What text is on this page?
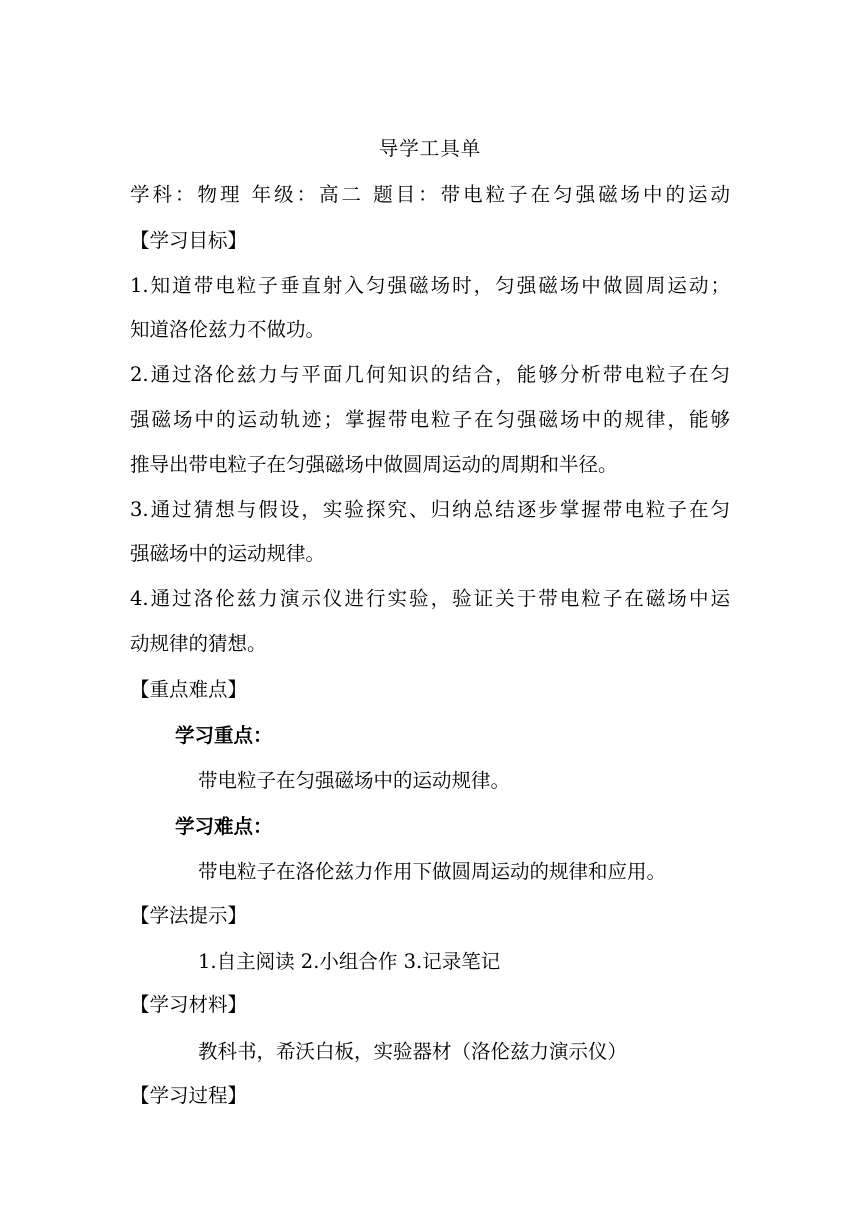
导学工具单
学科：物理 年级：高二 题目：带电粒子在匀强磁场中的运动
【学习目标】
1.知道带电粒子垂直射入匀强磁场时，匀强磁场中做圆周运动；
知道洛伦兹力不做功。
2.通过洛伦兹力与平面几何知识的结合，能够分析带电粒子在匀
强磁场中的运动轨迹；掌握带电粒子在匀强磁场中的规律，能够
推导出带电粒子在匀强磁场中做圆周运动的周期和半径。
3.通过猜想与假设，实验探究、归纳总结逐步掌握带电粒子在匀
强磁场中的运动规律。
4.通过洛伦兹力演示仪进行实验，验证关于带电粒子在磁场中运
动规律的猜想。
【重点难点】
学习重点：
带电粒子在匀强磁场中的运动规律。
学习难点：
带电粒子在洛伦兹力作用下做圆周运动的规律和应用。
【学法提示】
1.自主阅读 2.小组合作 3.记录笔记
【学习材料】
教科书，希沃白板，实验器材（洛伦兹力演示仪）
【学习过程】
